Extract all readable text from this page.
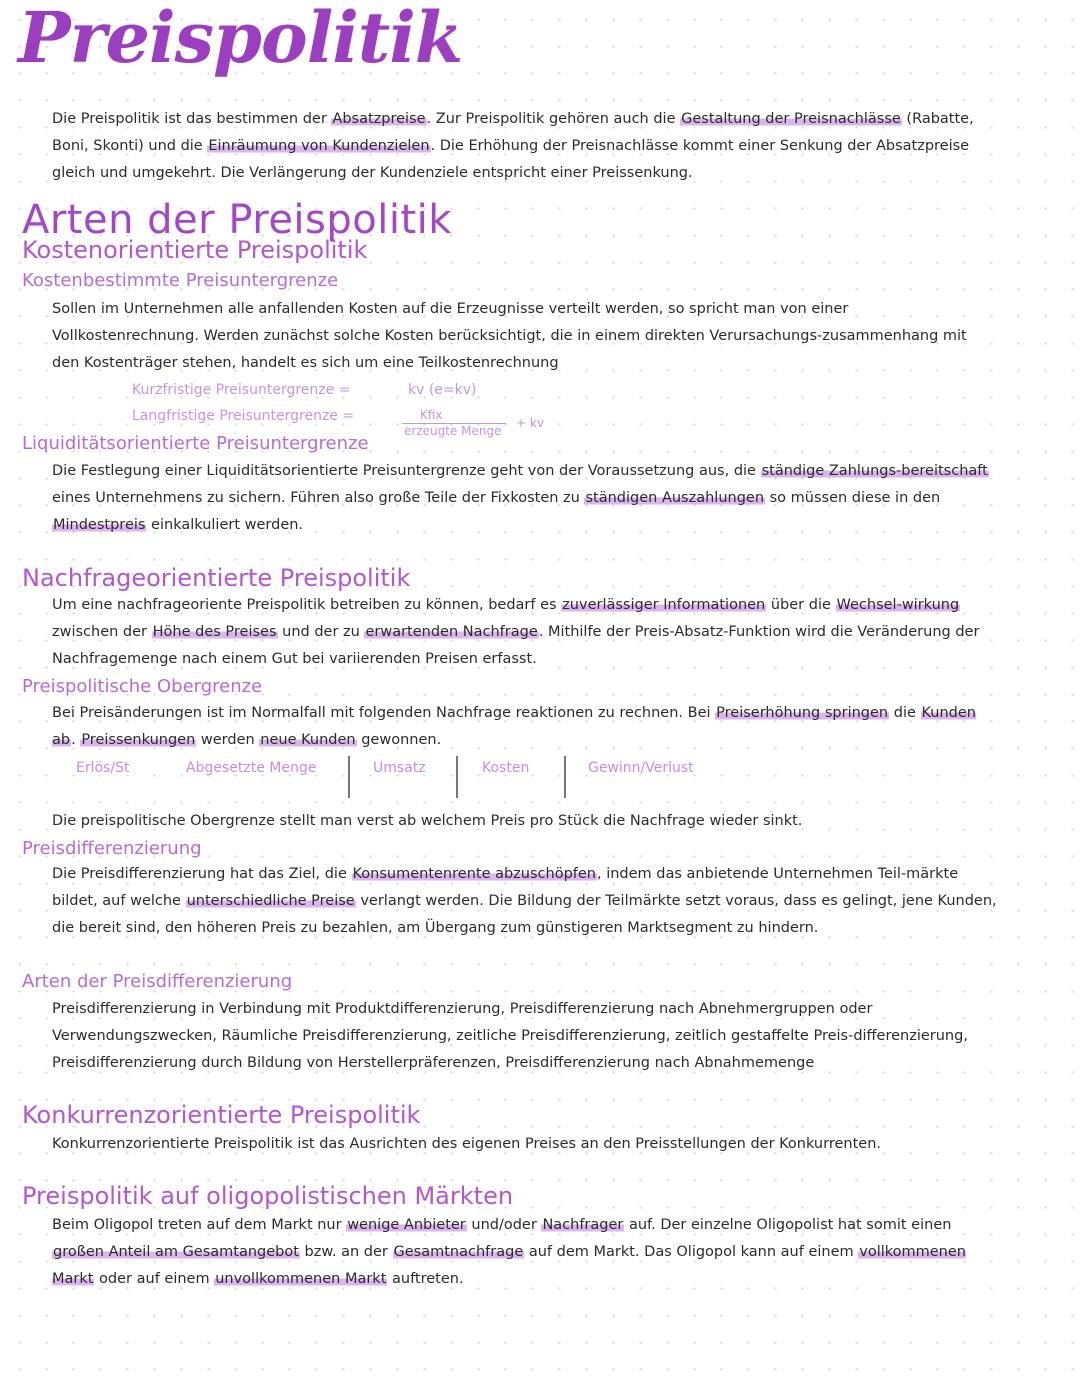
Preispolitik

Die Preispolitik ist das bestimmen der Absatzpreise. Zur Preispolitik gehören auch die Gestaltung der Preisnachlässe (Rabatte, Boni, Skonti) und die Einräumung von Kundenzielen. Die Erhöhung der Preisnachlässe kommt einer Senkung der Absatzpreise gleich und umgekehrt. Die Verlängerung der Kundenziele entspricht einer Preissenkung.

Arten der Preispolitik
Kostenorientierte Preispolitik
Kostenbestimmte Preisuntergrenze

Sollen im Unternehmen alle anfallenden Kosten auf die Erzeugnisse verteilt werden, so spricht man von einer Vollkostenrechnung. Werden zunächst solche Kosten berücksichtigt, die in einem direkten Verursachungs-zusammenhang mit den Kostenträger stehen, handelt es sich um eine Teilkostenrechnung

Kurzfristige Preisuntergrenze =	kv (e=kv)
Langfristige Preisuntergrenze =	Kfix
erzeugte Menge
+ kv
Liquiditätsorientierte Preisuntergrenze

Die Festlegung einer Liquiditätsorientierte Preisuntergrenze geht von der Voraussetzung aus, die ständige Zahlungs-bereitschaft eines Unternehmens zu sichern. Führen also große Teile der Fixkosten zu ständigen Auszahlungen so müssen diese in den Mindestpreis einkalkuliert werden.

Nachfrageorientierte Preispolitik

Um eine nachfrageoriente Preispolitik betreiben zu können, bedarf es zuverlässiger Informationen über die Wechsel-wirkung zwischen der Höhe des Preises und der zu erwartenden Nachfrage. Mithilfe der Preis-Absatz-Funktion wird die Veränderung der Nachfragemenge nach einem Gut bei variierenden Preisen erfasst.

Preispolitische Obergrenze

Bei Preisänderungen ist im Normalfall mit folgenden Nachfrage reaktionen zu rechnen. Bei Preiserhöhung springen die Kunden ab. Preissenkungen werden neue Kunden gewonnen.

Erlös/St	Abgesetzte Menge	Umsatz	Kosten	Gewinn/Verlust

Die preispolitische Obergrenze stellt man verst ab welchem Preis pro Stück die Nachfrage wieder sinkt.

Preisdifferenzierung

Die Preisdifferenzierung hat das Ziel, die Konsumentenrente abzuschöpfen, indem das anbietende Unternehmen Teil-märkte bildet, auf welche unterschiedliche Preise verlangt werden. Die Bildung der Teilmärkte setzt voraus, dass es gelingt, jene Kunden, die bereit sind, den höheren Preis zu bezahlen, am Übergang zum günstigeren Marktsegment zu hindern.

Arten der Preisdifferenzierung

Preisdifferenzierung in Verbindung mit Produktdifferenzierung, Preisdifferenzierung nach Abnehmergruppen oder Verwendungszwecken, Räumliche Preisdifferenzierung, zeitliche Preisdifferenzierung, zeitlich gestaffelte Preis-differenzierung, Preisdifferenzierung durch Bildung von Herstellerpräferenzen, Preisdifferenzierung nach Abnahmemenge

Konkurrenzorientierte Preispolitik

Konkurrenzorientierte Preispolitik ist das Ausrichten des eigenen Preises an den Preisstellungen der Konkurrenten.

Preispolitik auf oligopolistischen Märkten

Beim Oligopol treten auf dem Markt nur wenige Anbieter und/oder Nachfrager auf. Der einzelne Oligopolist hat somit einen großen Anteil am Gesamtangebot bzw. an der Gesamtnachfrage auf dem Markt. Das Oligopol kann auf einem vollkommenen Markt oder auf einem unvollkommenen Markt auftreten.
